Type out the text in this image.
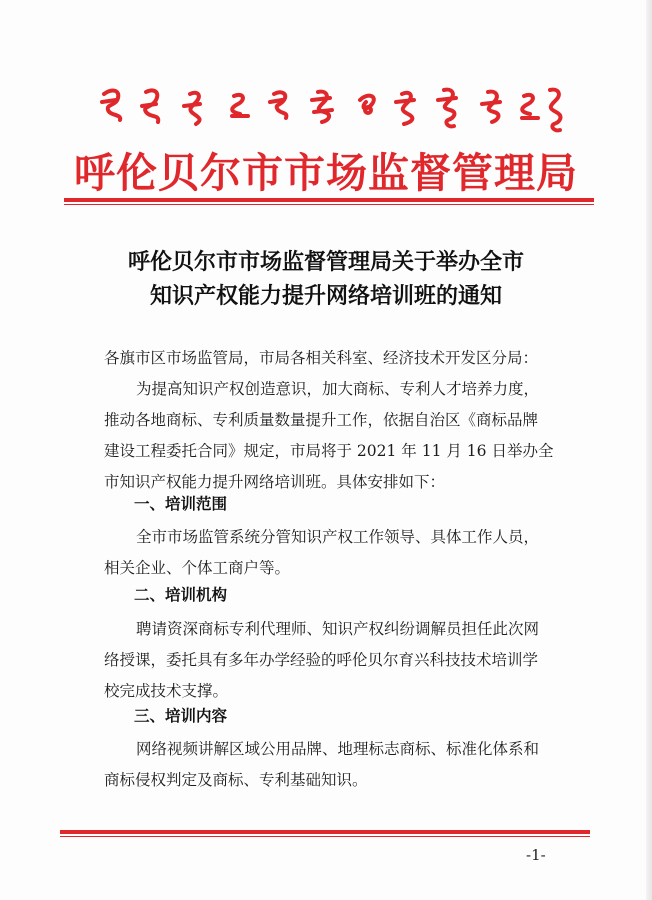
呼伦贝尔市市场监督管理局
呼伦贝尔市市场监督管理局关于举办全市
知识产权能力提升网络培训班的通知
各旗市区市场监管局，市局各相关科室、经济技术开发区分局：
为提高知识产权创造意识，加大商标、专利人才培养力度，
推动各地商标、专利质量数量提升工作，依据自治区《商标品牌
建设工程委托合同》规定，市局将于 2021 年 11 月 16 日举办全
市知识产权能力提升网络培训班。具体安排如下：
一、培训范围
全市市场监管系统分管知识产权工作领导、具体工作人员，
相关企业、个体工商户等。
二、培训机构
聘请资深商标专利代理师、知识产权纠纷调解员担任此次网
络授课，委托具有多年办学经验的呼伦贝尔育兴科技技术培训学
校完成技术支撑。
三、培训内容
网络视频讲解区域公用品牌、地理标志商标、标准化体系和
商标侵权判定及商标、专利基础知识。
-1-
